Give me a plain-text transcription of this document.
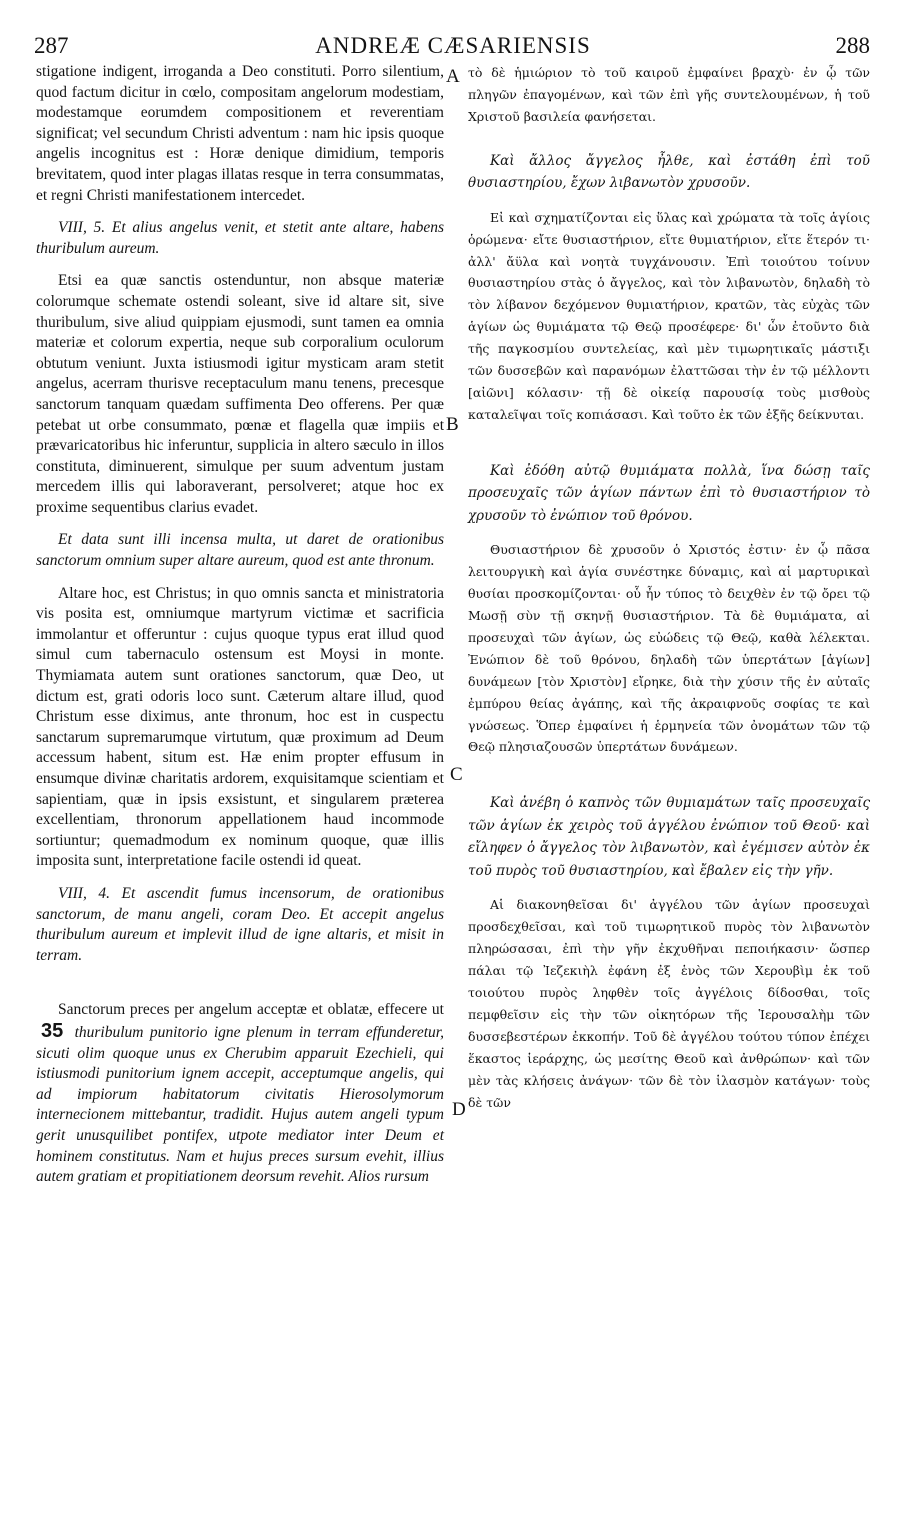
287	ANDREÆ CÆSARIENSIS	288
A
B
C
D

stigatione indigent, irroganda a Deo constituti. Porro silentium, quod factum dicitur in cœlo, compositam angelorum modestiam, modestamque eorumdem compositionem et reverentiam significat; vel secundum Christi adventum : nam hic ipsis quoque angelis incognitus est : Horæ denique dimidium, temporis brevitatem, quod inter plagas illatas resque in terra consummatas, et regni Christi manifestationem intercedet.

VIII, 5. Et alius angelus venit, et stetit ante altare, habens thuribulum aureum.

Etsi ea quæ sanctis ostenduntur, non absque materiæ colorumque schemate ostendi soleant, sive id altare sit, sive thuribulum, sive aliud quippiam ejusmodi, sunt tamen ea omnia materiæ et colorum expertia, neque sub corporalium oculorum obtutum veniunt. Juxta istiusmodi igitur mysticam aram stetit angelus, acerram thurisve receptaculum manu tenens, precesque sanctorum tanquam quædam suffimenta Deo offerens. Per quæ petebat ut orbe consummato, pœnæ et flagella quæ impiis et prævaricatoribus hic inferuntur, supplicia in altero sæculo in illos constituta, diminuerent, simulque per suum adventum justam mercedem illis qui laboraverant, persolveret; atque hoc ex proxime sequentibus clarius evadet.

Et data sunt illi incensa multa, ut daret de orationibus sanctorum omnium super altare aureum, quod est ante thronum.

Altare hoc, est Christus; in quo omnis sancta et ministratoria vis posita est, omniumque martyrum victimæ et sacrificia immolantur et offeruntur : cujus quoque typus erat illud quod simul cum tabernaculo ostensum est Moysi in monte. Thymiamata autem sunt orationes sanctorum, quæ Deo, ut dictum est, grati odoris loco sunt. Cæterum altare illud, quod Christum esse diximus, ante thronum, hoc est in cuspectu sanctarum supremarumque virtutum, quæ proximum ad Deum accessum habent, situm est. Hæ enim propter effusum in ensumque divinæ charitatis ardorem, exquisitamque scientiam et sapientiam, quæ in ipsis exsistunt, et singularem præterea excellentiam, thronorum appellationem haud incommode sortiuntur; quemadmodum ex nominum quoque, quæ illis imposita sunt, interpretatione facile ostendi id queat.

VIII, 4. Et ascendit fumus incensorum, de orationibus sanctorum, de manu angeli, coram Deo. Et accepit angelus thuribulum aureum et implevit illud de igne altaris, et misit in terram.

Sanctorum preces per angelum acceptæ et oblatæ, effecere ut 35 thuribulum punitorio igne plenum in terram effunderetur, sicuti olim quoque unus ex Cherubim apparuit Ezechieli, qui istiusmodi punitorium ignem accepit, acceptumque angelis, qui ad impiorum habitatorum civitatis Hierosolymorum internecionem mittebantur, tradidit. Hujus autem angeli typum gerit unusquilibet pontifex, utpote mediator inter Deum et hominem constitutus. Nam et hujus preces sursum evehit, illius autem gratiam et propitiationem deorsum revehit. Alios rursum

τὸ δὲ ἡμιώριον τὸ τοῦ καιροῦ ἐμφαίνει βραχὺ· ἐν ᾧ τῶν πληγῶν ἐπαγομένων, καὶ τῶν ἐπὶ γῆς συντελουμένων, ἡ τοῦ Χριστοῦ βασιλεία φανήσεται.

Καὶ ἄλλος ἄγγελος ἦλθε, καὶ ἐστάθη ἐπὶ τοῦ θυσιαστηρίου, ἔχων λιβανωτὸν χρυσοῦν.

Εἰ καὶ σχηματίζονται εἰς ὕλας καὶ χρώματα τὰ τοῖς ἁγίοις ὁρώμενα· εἴτε θυσιαστήριον, εἴτε θυμιατήριον, εἴτε ἕτερόν τι· ἀλλ' ἄϋλα καὶ νοητὰ τυγχάνουσιν. Ἐπὶ τοιούτου τοίνυν θυσιαστηρίου στὰς ὁ ἄγγελος, καὶ τὸν λιβανωτὸν, δηλαδὴ τὸ τὸν λίβανον δεχόμενον θυμιατήριον, κρατῶν, τὰς εὐχὰς τῶν ἁγίων ὡς θυμιάματα τῷ Θεῷ προσέφερε· δι' ὧν ἐτοῦντο διὰ τῆς παγκοσμίου συντελείας, καὶ μὲν τιμωρητικαῖς μάστιξι τῶν δυσσεβῶν καὶ παρανόμων ἐλαττῶσαι τὴν ἐν τῷ μέλλοντι [αἰῶνι] κόλασιν· τῇ δὲ οἰκείᾳ παρουσίᾳ τοὺς μισθοὺς καταλεῖψαι τοῖς κοπιάσασι. Καὶ τοῦτο ἐκ τῶν ἑξῆς δείκνυται.

Καὶ ἐδόθη αὐτῷ θυμιάματα πολλὰ, ἵνα δώσῃ ταῖς προσευχαῖς τῶν ἁγίων πάντων ἐπὶ τὸ θυσιαστήριον τὸ χρυσοῦν τὸ ἐνώπιον τοῦ θρόνου.

Θυσιαστήριον δὲ χρυσοῦν ὁ Χριστός ἐστιν· ἐν ᾧ πᾶσα λειτουργικὴ καὶ ἁγία συνέστηκε δύναμις, καὶ αἱ μαρτυρικαὶ θυσίαι προσκομίζονται· οὗ ἦν τύπος τὸ δειχθὲν ἐν τῷ ὄρει τῷ Μωσῇ σὺν τῇ σκηνῇ θυσιαστήριον. Τὰ δὲ θυμιάματα, αἱ προσευχαὶ τῶν ἁγίων, ὡς εὐώδεις τῷ Θεῷ, καθὰ λέλεκται. Ἐνώπιον δὲ τοῦ θρόνου, δηλαδὴ τῶν ὑπερτάτων [ἁγίων] δυνάμεων [τὸν Χριστὸν] εἴρηκε, διὰ τὴν χύσιν τῆς ἐν αὐταῖς ἐμπύρου θείας ἀγάπης, καὶ τῆς ἀκραιφνοῦς σοφίας τε καὶ γνώσεως. Ὅπερ ἐμφαίνει ἡ ἑρμηνεία τῶν ὀνομάτων τῶν τῷ Θεῷ πλησιαζουσῶν ὑπερτάτων δυνάμεων.

Καὶ ἀνέβη ὁ καπνὸς τῶν θυμιαμάτων ταῖς προσευχαῖς τῶν ἁγίων ἐκ χειρὸς τοῦ ἀγγέλου ἐνώπιον τοῦ Θεοῦ· καὶ εἴληφεν ὁ ἄγγελος τὸν λιβανωτὸν, καὶ ἐγέμισεν αὐτὸν ἐκ τοῦ πυρὸς τοῦ θυσιαστηρίου, καὶ ἔβαλεν εἰς τὴν γῆν.

Αἱ διακονηθεῖσαι δι' ἀγγέλου τῶν ἁγίων προσευχαὶ προσδεχθεῖσαι, καὶ τοῦ τιμωρητικοῦ πυρὸς τὸν λιβανωτὸν πληρώσασαι, ἐπὶ τὴν γῆν ἐκχυθῆναι πεποιήκασιν· ὥσπερ πάλαι τῷ Ἰεζεκιὴλ ἐφάνη ἐξ ἑνὸς τῶν Χερουβὶμ ἐκ τοῦ τοιούτου πυρὸς ληφθὲν τοῖς ἀγγέλοις δίδοσθαι, τοῖς πεμφθεῖσιν εἰς τὴν τῶν οἰκητόρων τῆς Ἱερουσαλὴμ τῶν δυσσεβεστέρων ἐκκοπήν. Τοῦ δὲ ἀγγέλου τούτου τύπον ἐπέχει ἕκαστος ἱεράρχης, ὡς μεσίτης Θεοῦ καὶ ἀνθρώπων· καὶ τῶν μὲν τὰς κλήσεις ἀνάγων· τῶν δὲ τὸν ἱλασμὸν κατάγων· τοὺς δὲ τῶν
